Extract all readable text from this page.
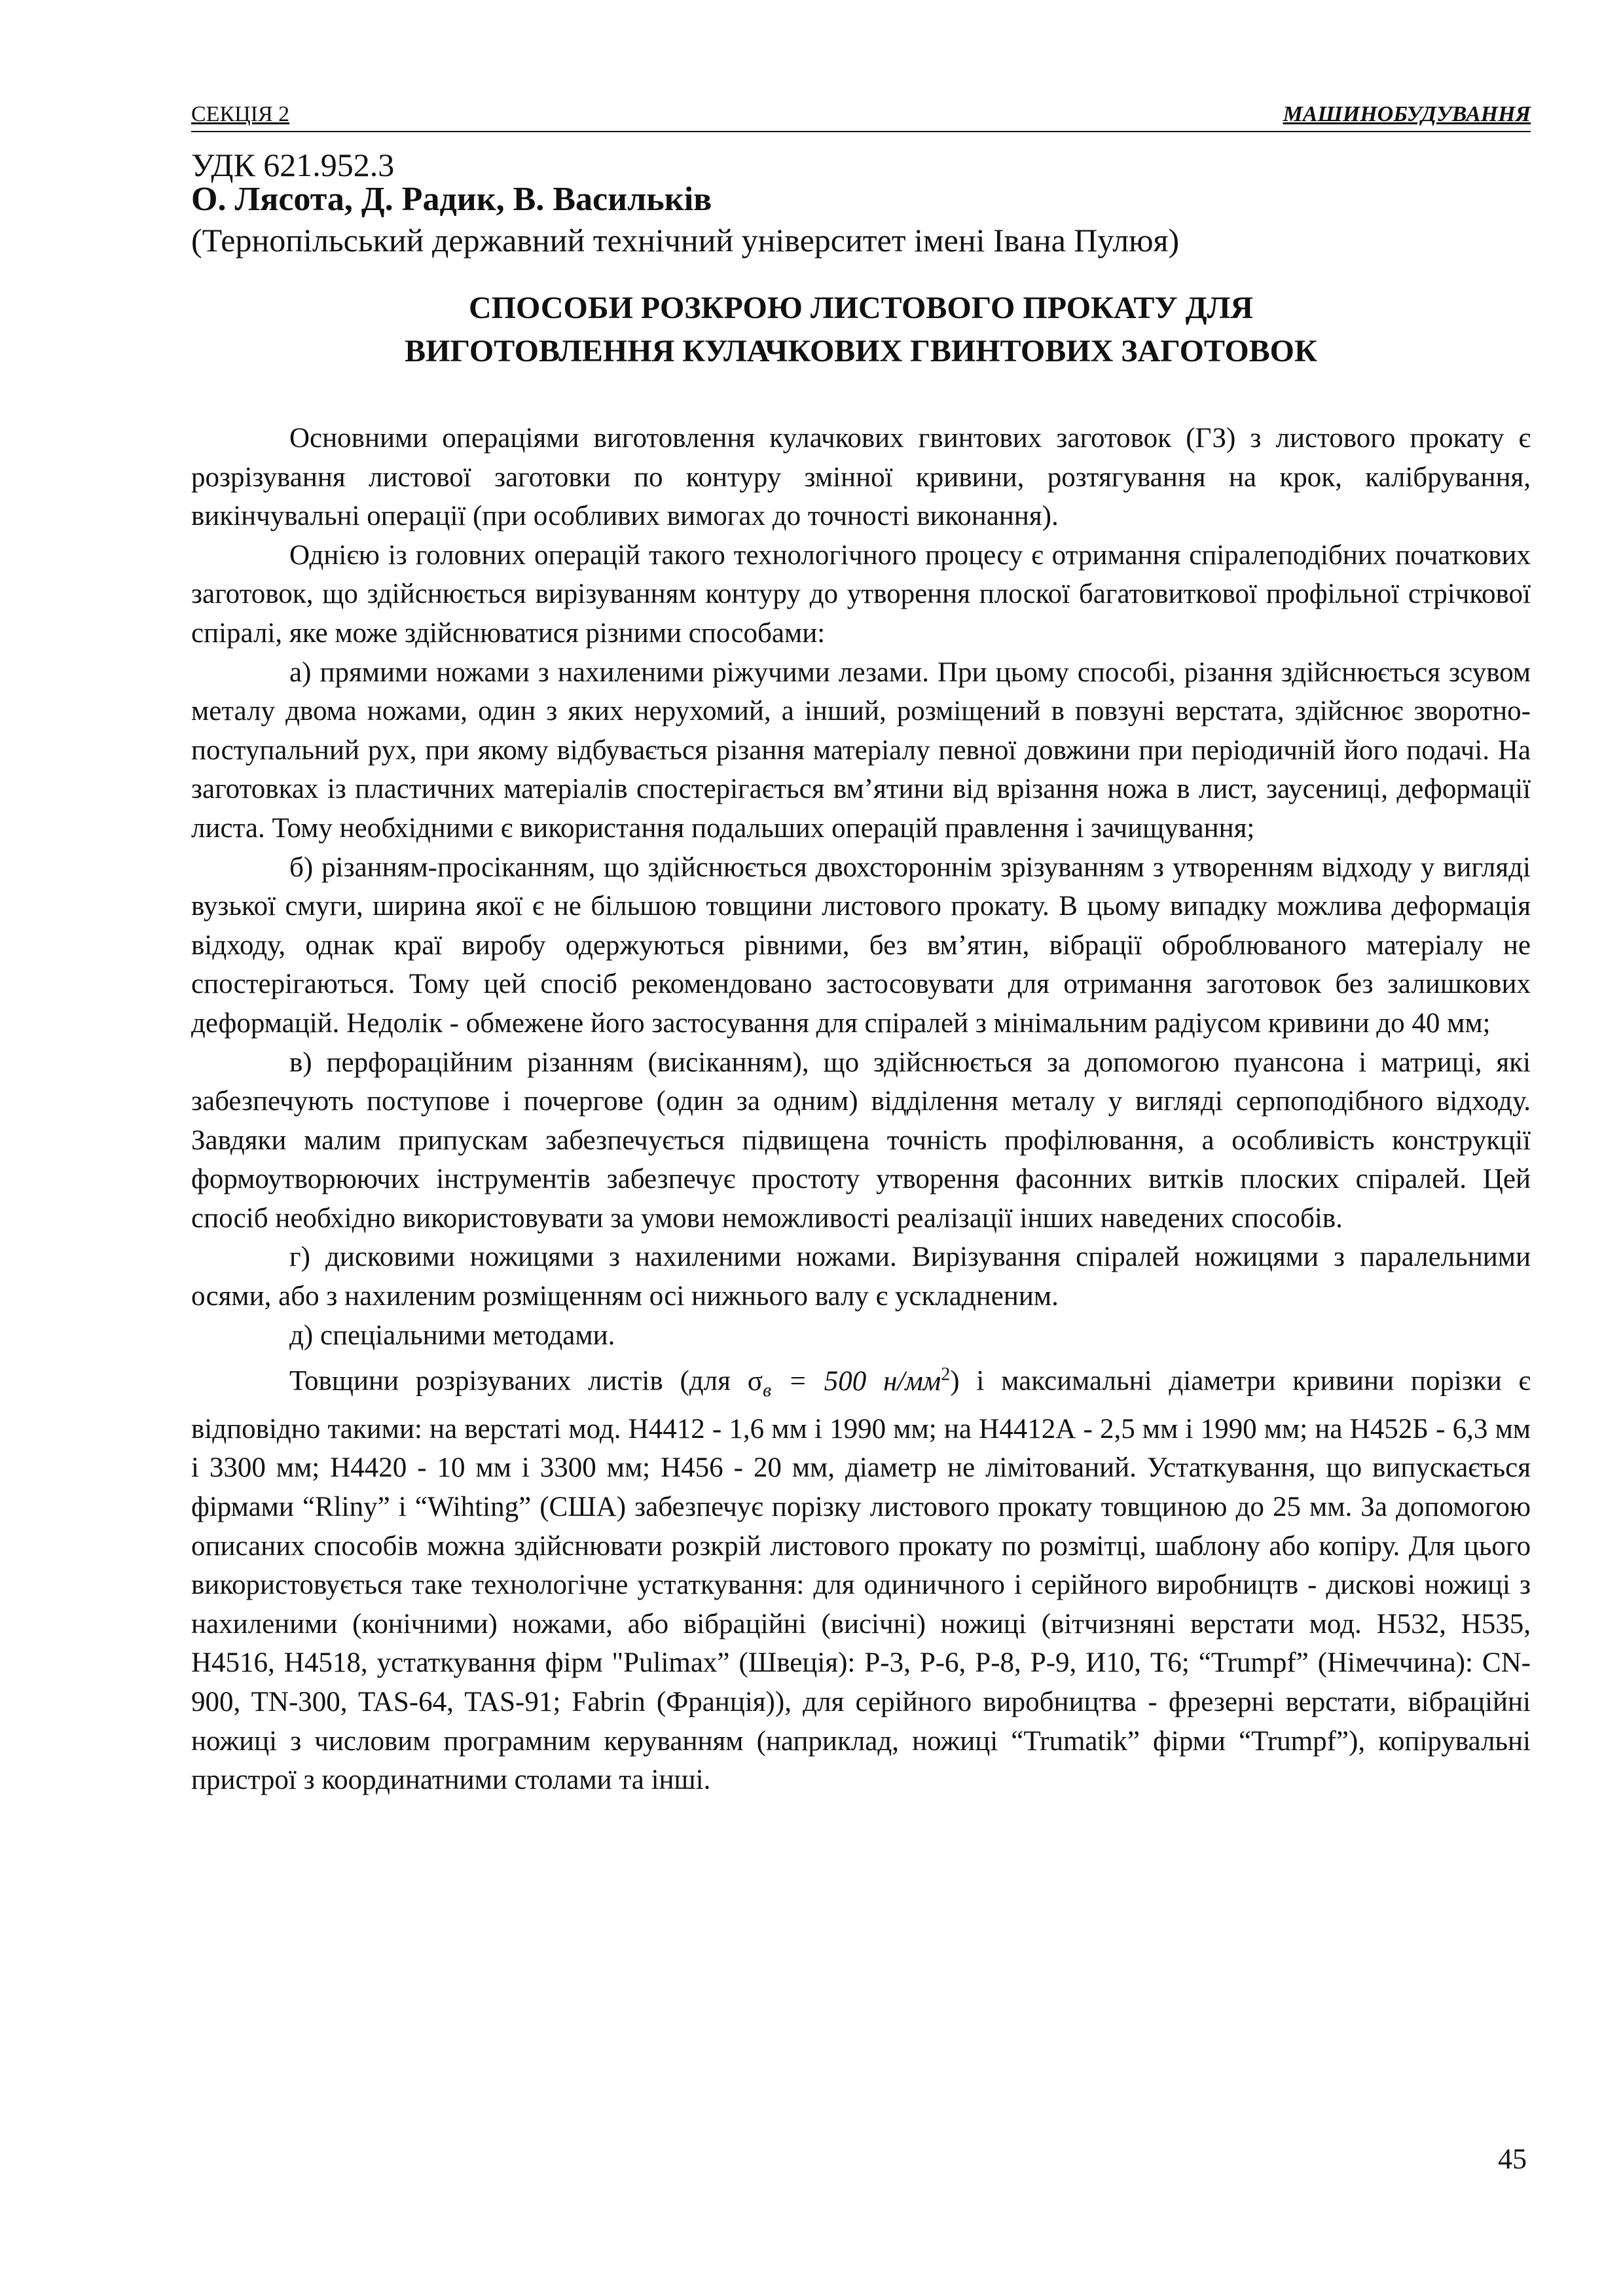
СЕКЦІЯ 2	МАШИНОБУДУВАННЯ
УДК 621.952.3
О. Лясота, Д. Радик, В. Васильків
(Тернопільський державний технічний університет імені Івана Пулюя)
СПОСОБИ РОЗКРОЮ ЛИСТОВОГО ПРОКАТУ ДЛЯ
ВИГОТОВЛЕННЯ КУЛАЧКОВИХ ГВИНТОВИХ ЗАГОТОВОК

Основними операціями виготовлення кулачкових гвинтових заготовок (ГЗ) з листового прокату є розрізування листової заготовки по контуру змінної кривини, розтягування на крок, калібрування, викінчувальні операції (при особливих вимогах до точності виконання).

Однією із головних операцій такого технологічного процесу є отримання спіралеподібних початкових заготовок, що здійснюється вирізуванням контуру до утворення плоскої багатовиткової профільної стрічкової спіралі, яке може здійснюватися різними способами:

а) прямими ножами з нахиленими ріжучими лезами. При цьому способі, різання здійснюється зсувом металу двома ножами, один з яких нерухомий, а інший, розміщений в повзуні верстата, здійснює зворотно-поступальний рух, при якому відбувається різання матеріалу певної довжини при періодичній його подачі. На заготовках із пластичних матеріалів спостерігається вм’ятини від врізання ножа в лист, заусениці, деформації листа. Тому необхідними є використання подальших операцій правлення і зачищування;

б) різанням-просіканням, що здійснюється двохстороннім зрізуванням з утворенням відходу у вигляді вузької смуги, ширина якої є не більшою товщини листового прокату. В цьому випадку можлива деформація відходу, однак краї виробу одержуються рівними, без вм’ятин, вібрації оброблюваного матеріалу не спостерігаються. Тому цей спосіб рекомендовано застосовувати для отримання заготовок без залишкових деформацій. Недолік - обмежене його застосування для спіралей з мінімальним радіусом кривини до 40 мм;

в) перфораційним різанням (висіканням), що здійснюється за допомогою пуансона і матриці, які забезпечують поступове і почергове (один за одним) відділення металу у вигляді серпоподібного відходу. Завдяки малим припускам забезпечується підвищена точність профілювання, а особливість конструкції формоутворюючих інструментів забезпечує простоту утворення фасонних витків плоских спіралей. Цей спосіб необхідно використовувати за умови неможливості реалізації інших наведених способів.

г) дисковими ножицями з нахиленими ножами. Вирізування спіралей ножицями з паралельними осями, або з нахиленим розміщенням осі нижнього валу є ускладненим.

д) спеціальними методами.

Товщини розрізуваних листів (для $\sigma_в = 500$ $н/мм^2$) і максимальні діаметри кривини порізки є відповідно такими: на верстаті мод. Н4412 - 1,6 мм і 1990 мм; на Н4412А - 2,5 мм і 1990 мм; на Н452Б - 6,3 мм і 3300 мм; Н4420 - 10 мм і 3300 мм; Н456 - 20 мм, діаметр не лімітований. Устаткування, що випускається фірмами “Rliny” і “Wihting” (США) забезпечує порізку листового прокату товщиною до 25 мм. За допомогою описаних способів можна здійснювати розкрій листового прокату по розмітці, шаблону або копіру. Для цього використовується таке технологічне устаткування: для одиничного і серійного виробництв - дискові ножиці з нахиленими (конічними) ножами, або вібраційні (висічні) ножиці (вітчизняні верстати мод. Н532, Н535, Н4516, Н4518, устаткування фірм "Pulimax” (Швеція): Р-3, Р-6, Р-8, Р-9, И10, Т6; “Trumpf” (Німеччина): CN-900, TN-300, TAS-64, TAS-91; Fabrin (Франція)), для серійного виробництва - фрезерні верстати, вібраційні ножиці з числовим програмним керуванням (наприклад, ножиці “Trumatik” фірми “Trumpf”), копірувальні пристрої з координатними столами та інші.

45
